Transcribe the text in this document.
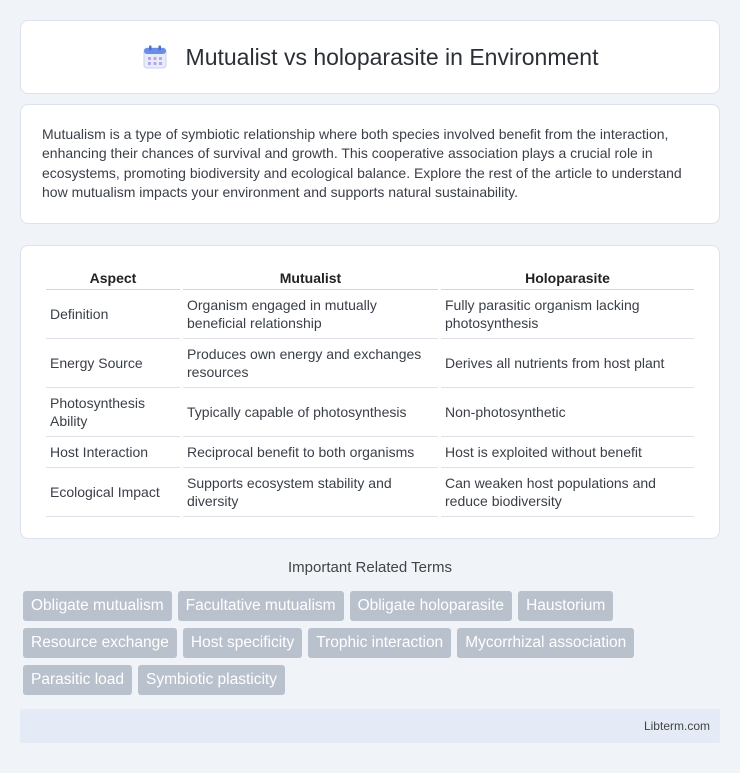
Mutualist vs holoparasite in Environment

Mutualism is a type of symbiotic relationship where both species involved benefit from the interaction, enhancing their chances of survival and growth. This cooperative association plays a crucial role in ecosystems, promoting biodiversity and ecological balance. Explore the rest of the article to understand how mutualism impacts your environment and supports natural sustainability.

Aspect	Mutualist	Holoparasite
Definition	Organism engaged in mutually beneficial relationship	Fully parasitic organism lacking photosynthesis
Energy Source	Produces own energy and exchanges resources	Derives all nutrients from host plant
Photosynthesis Ability	Typically capable of photosynthesis	Non-photosynthetic
Host Interaction	Reciprocal benefit to both organisms	Host is exploited without benefit
Ecological Impact	Supports ecosystem stability and diversity	Can weaken host populations and reduce biodiversity
Important Related Terms
Obligate mutualism	Facultative mutualism	Obligate holoparasite	Haustorium
Resource exchange	Host specificity	Trophic interaction	Mycorrhizal association
Parasitic load	Symbiotic plasticity
Libterm.com
